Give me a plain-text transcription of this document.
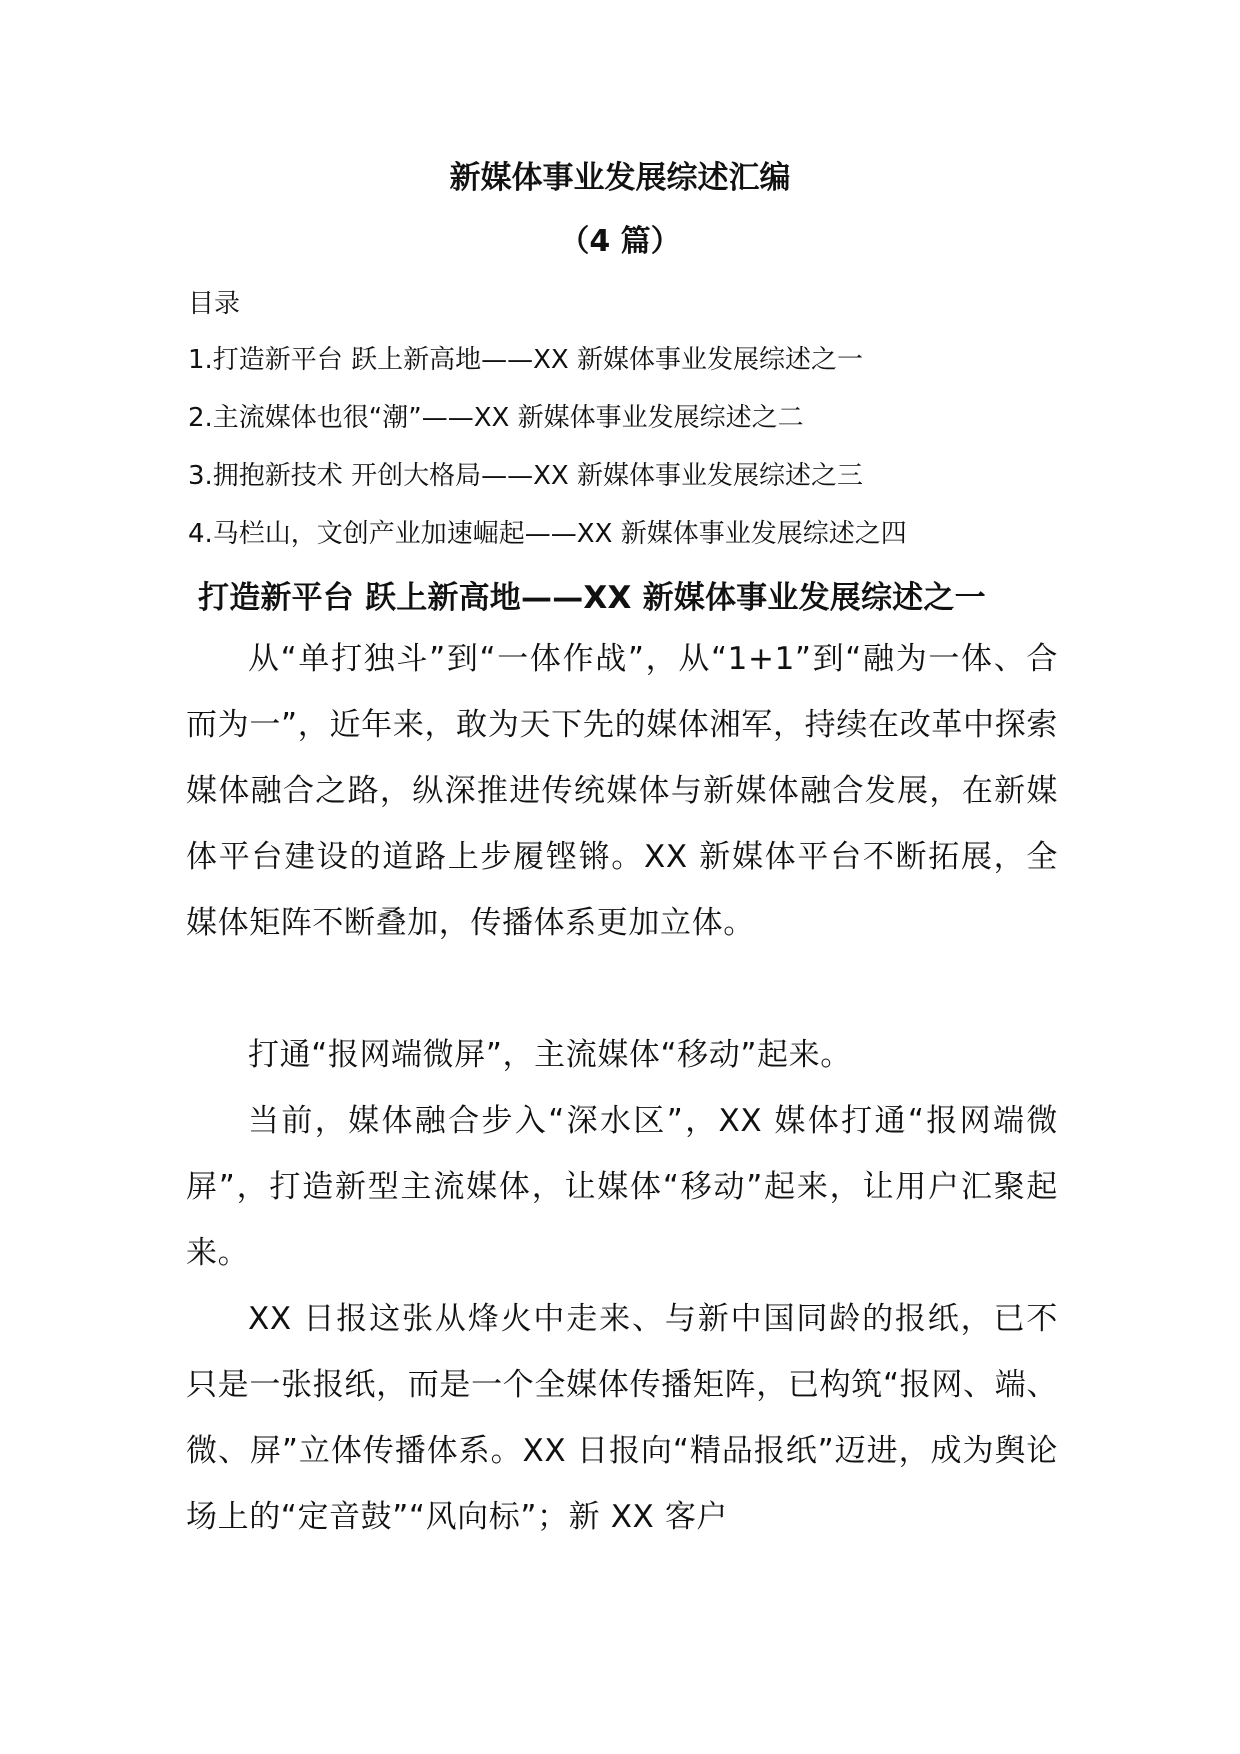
新媒体事业发展综述汇编
（4 篇）
目录
1.打造新平台 跃上新高地——XX 新媒体事业发展综述之一
2.主流媒体也很“潮”——XX 新媒体事业发展综述之二
3.拥抱新技术 开创大格局——XX 新媒体事业发展综述之三
4.马栏山，文创产业加速崛起——XX 新媒体事业发展综述之四
打造新平台 跃上新高地——XX 新媒体事业发展综述之一

从“单打独斗”到“一体作战”，从“1+1”到“融为一体、合而为一”，近年来，敢为天下先的媒体湘军，持续在改革中探索媒体融合之路，纵深推进传统媒体与新媒体融合发展，在新媒体平台建设的道路上步履铿锵。XX 新媒体平台不断拓展，全媒体矩阵不断叠加，传播体系更加立体。

打通“报网端微屏”，主流媒体“移动”起来。

当前，媒体融合步入“深水区”，XX 媒体打通“报网端微屏”，打造新型主流媒体，让媒体“移动”起来，让用户汇聚起来。

XX 日报这张从烽火中走来、与新中国同龄的报纸，已不只是一张报纸，而是一个全媒体传播矩阵，已构筑“报网、端、微、屏”立体传播体系。XX 日报向“精品报纸”迈进，成为舆论场上的“定音鼓”“风向标”；新 XX 客户
